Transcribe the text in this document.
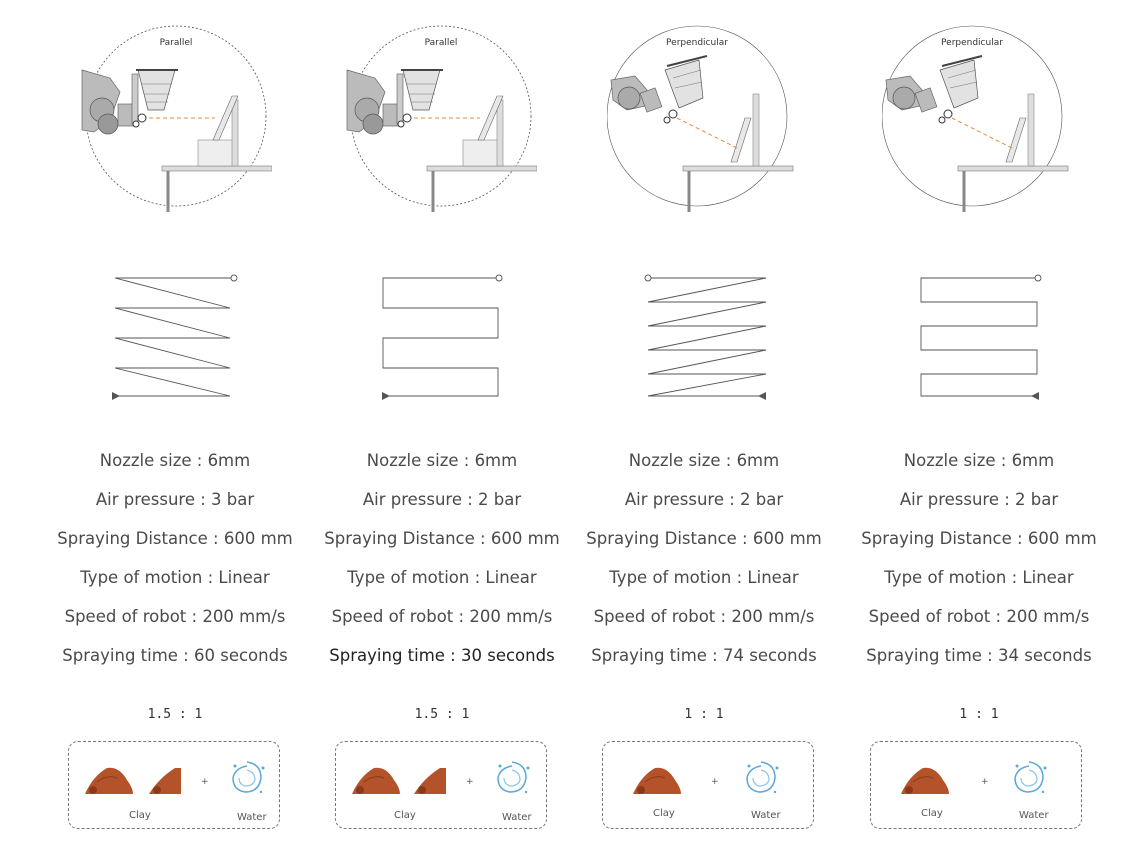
Parallel
Nozzle size : 6mm
Air pressure : 3 bar
Spraying Distance : 600 mm
Type of motion : Linear
Speed of robot : 200 mm/s
Spraying time : 60 seconds
1.5 : 1
+
Clay	Water
Parallel
Nozzle size : 6mm
Air pressure : 2 bar
Spraying Distance : 600 mm
Type of motion : Linear
Speed of robot : 200 mm/s
Spraying time : 30 seconds
1.5 : 1
+
Clay	Water
Perpendicular
Nozzle size : 6mm
Air pressure : 2 bar
Spraying Distance : 600 mm
Type of motion : Linear
Speed of robot : 200 mm/s
Spraying time : 74 seconds
1 : 1
+
Clay	Water
Perpendicular
Nozzle size : 6mm
Air pressure : 2 bar
Spraying Distance : 600 mm
Type of motion : Linear
Speed of robot : 200 mm/s
Spraying time : 34 seconds
1 : 1
+
Clay	Water
